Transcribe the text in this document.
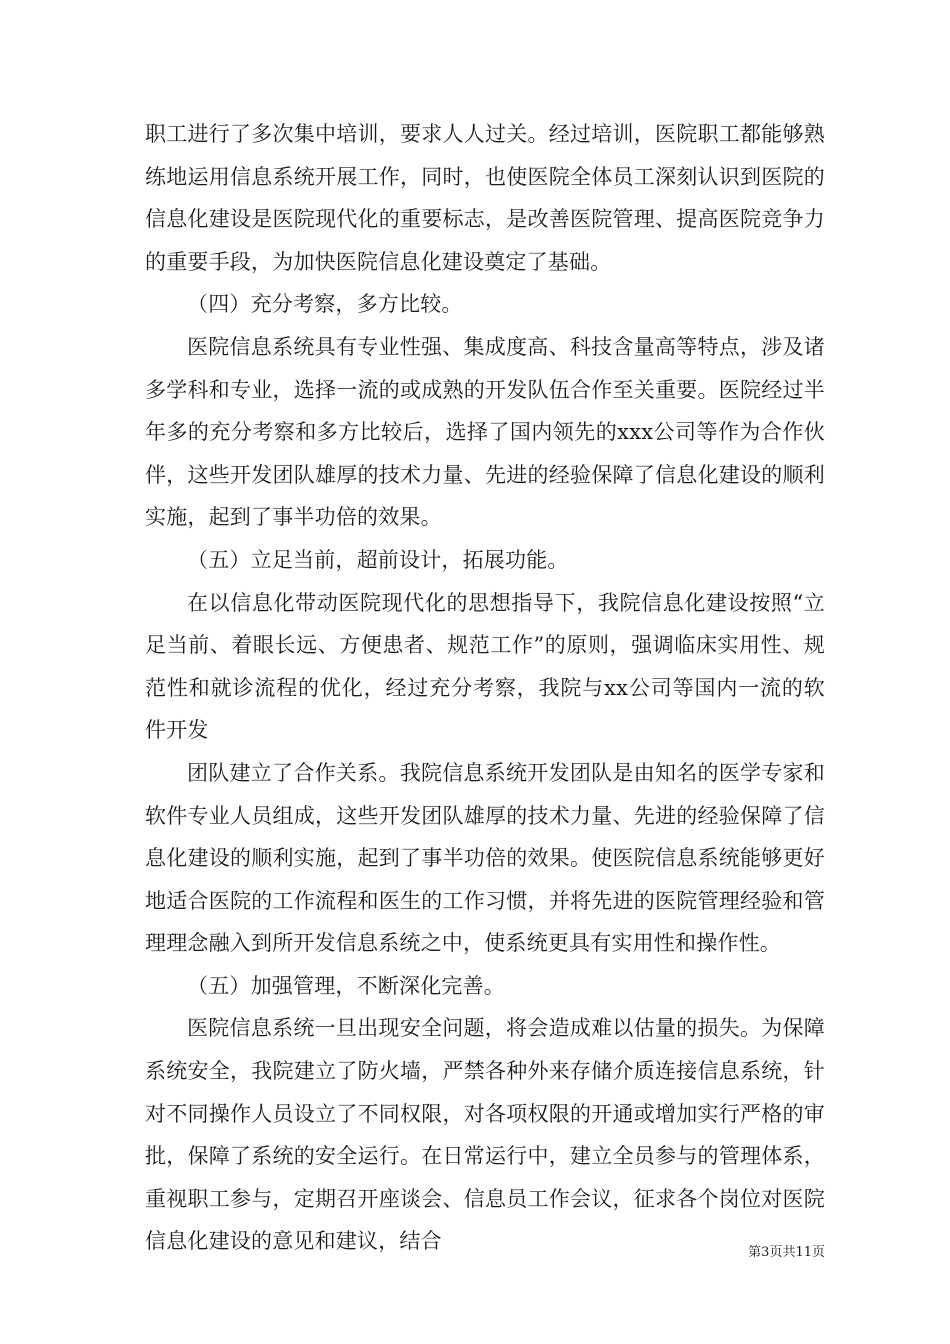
职工进行了多次集中培训，要求人人过关。经过培训，医院职工都能够熟练地运用信息系统开展工作，同时，也使医院全体员工深刻认识到医院的信息化建设是医院现代化的重要标志，是改善医院管理、提高医院竞争力的重要手段，为加快医院信息化建设奠定了基础。

（四）充分考察，多方比较。

医院信息系统具有专业性强、集成度高、科技含量高等特点，涉及诸多学科和专业，选择一流的或成熟的开发队伍合作至关重要。医院经过半年多的充分考察和多方比较后，选择了国内领先的xxx公司等作为合作伙伴，这些开发团队雄厚的技术力量、先进的经验保障了信息化建设的顺利实施，起到了事半功倍的效果。

（五）立足当前，超前设计，拓展功能。

在以信息化带动医院现代化的思想指导下，我院信息化建设按照“立足当前、着眼长远、方便患者、规范工作”的原则，强调临床实用性、规范性和就诊流程的优化，经过充分考察，我院与xx公司等国内一流的软件开发

团队建立了合作关系。我院信息系统开发团队是由知名的医学专家和软件专业人员组成，这些开发团队雄厚的技术力量、先进的经验保障了信息化建设的顺利实施，起到了事半功倍的效果。使医院信息系统能够更好地适合医院的工作流程和医生的工作习惯，并将先进的医院管理经验和管理理念融入到所开发信息系统之中，使系统更具有实用性和操作性。

（五）加强管理，不断深化完善。

医院信息系统一旦出现安全问题，将会造成难以估量的损失。为保障系统安全，我院建立了防火墙，严禁各种外来存储介质连接信息系统，针对不同操作人员设立了不同权限，对各项权限的开通或增加实行严格的审批，保障了系统的安全运行。在日常运行中，建立全员参与的管理体系，重视职工参与，定期召开座谈会、信息员工作会议，征求各个岗位对医院信息化建设的意见和建议，结合	第3页共11页
